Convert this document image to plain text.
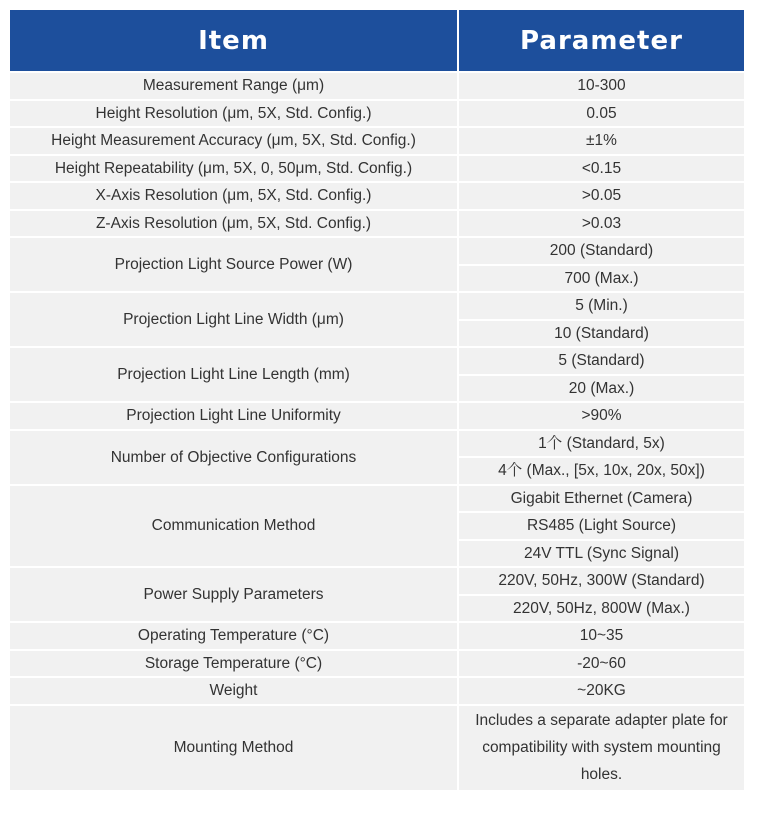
Item	Parameter
Measurement Range (μm)	10-300
Height Resolution (μm, 5X, Std. Config.)	0.05
Height Measurement Accuracy (μm, 5X, Std. Config.)	±1%
Height Repeatability (μm, 5X, 0, 50μm, Std. Config.)	<0.15
X-Axis Resolution (μm, 5X, Std. Config.)	>0.05
Z-Axis Resolution (μm, 5X, Std. Config.)	>0.03
Projection Light Source Power (W)	200 (Standard)
	700 (Max.)
Projection Light Line Width (μm)	5 (Min.)
	10 (Standard)
Projection Light Line Length (mm)	5 (Standard)
	20 (Max.)
Projection Light Line Uniformity	>90%
Number of Objective Configurations	1个 (Standard, 5x)
	4个 (Max., [5x, 10x, 20x, 50x])
Communication Method	Gigabit Ethernet (Camera)
	RS485 (Light Source)
	24V TTL (Sync Signal)
Power Supply Parameters	220V, 50Hz, 300W (Standard)
	220V, 50Hz, 800W (Max.)
Operating Temperature (°C)	10~35
Storage Temperature (°C)	-20~60
Weight	~20KG
Mounting Method	Includes a separate adapter plate for compatibility with system mounting holes.
